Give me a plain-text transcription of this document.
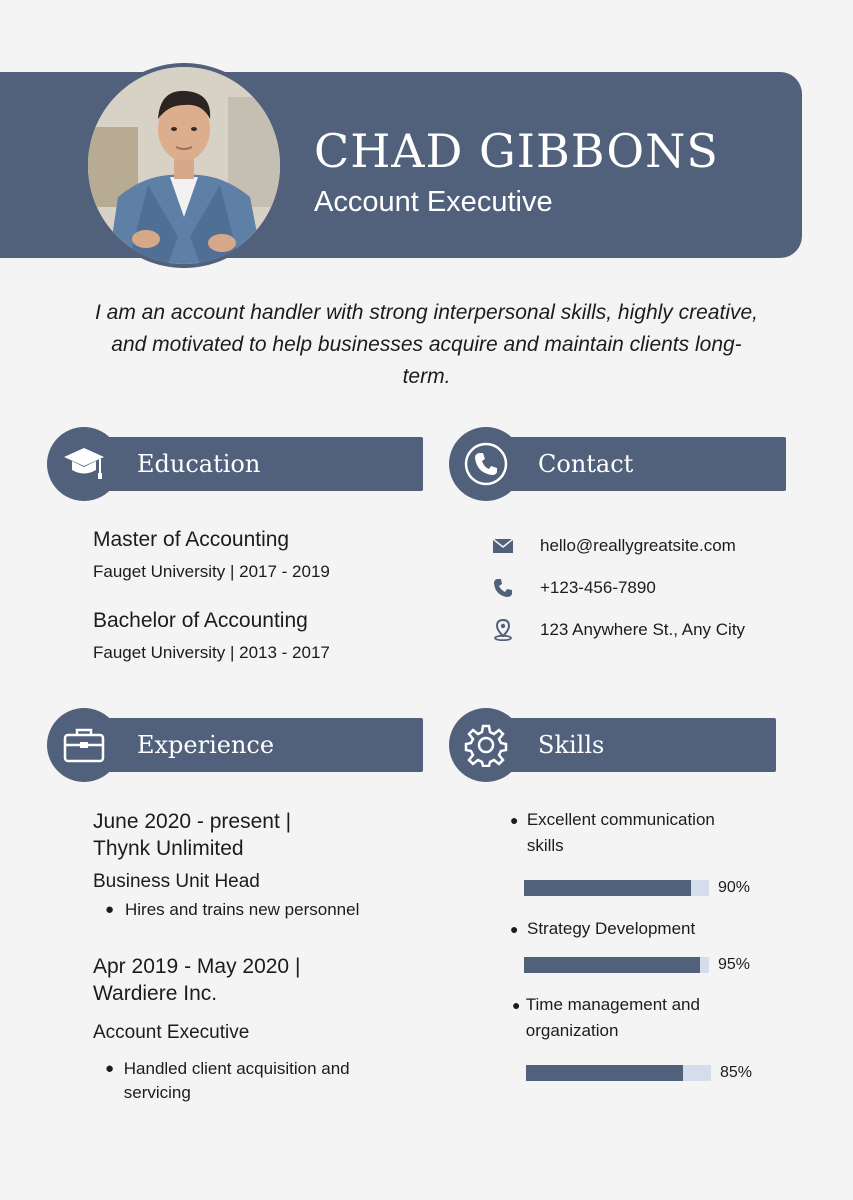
CHAD GIBBONS
Account Executive
I am an account handler with strong interpersonal skills, highly creative, and motivated to help businesses acquire and maintain clients long-term.
Education
Master of Accounting
Fauget University | 2017 - 2019
Bachelor of Accounting
Fauget University | 2013 - 2017
Contact
hello@reallygreatsite.com
+123-456-7890
123 Anywhere St., Any City
Experience
June 2020 - present |
Thynk Unlimited
Business Unit Head
● Hires and trains new personnel
Apr 2019 - May 2020 |
Wardiere Inc.
Account Executive
● Handled client acquisition and servicing
Skills
● Excellent communication skills
90%
● Strategy Development
95%
● Time management and organization
85%
